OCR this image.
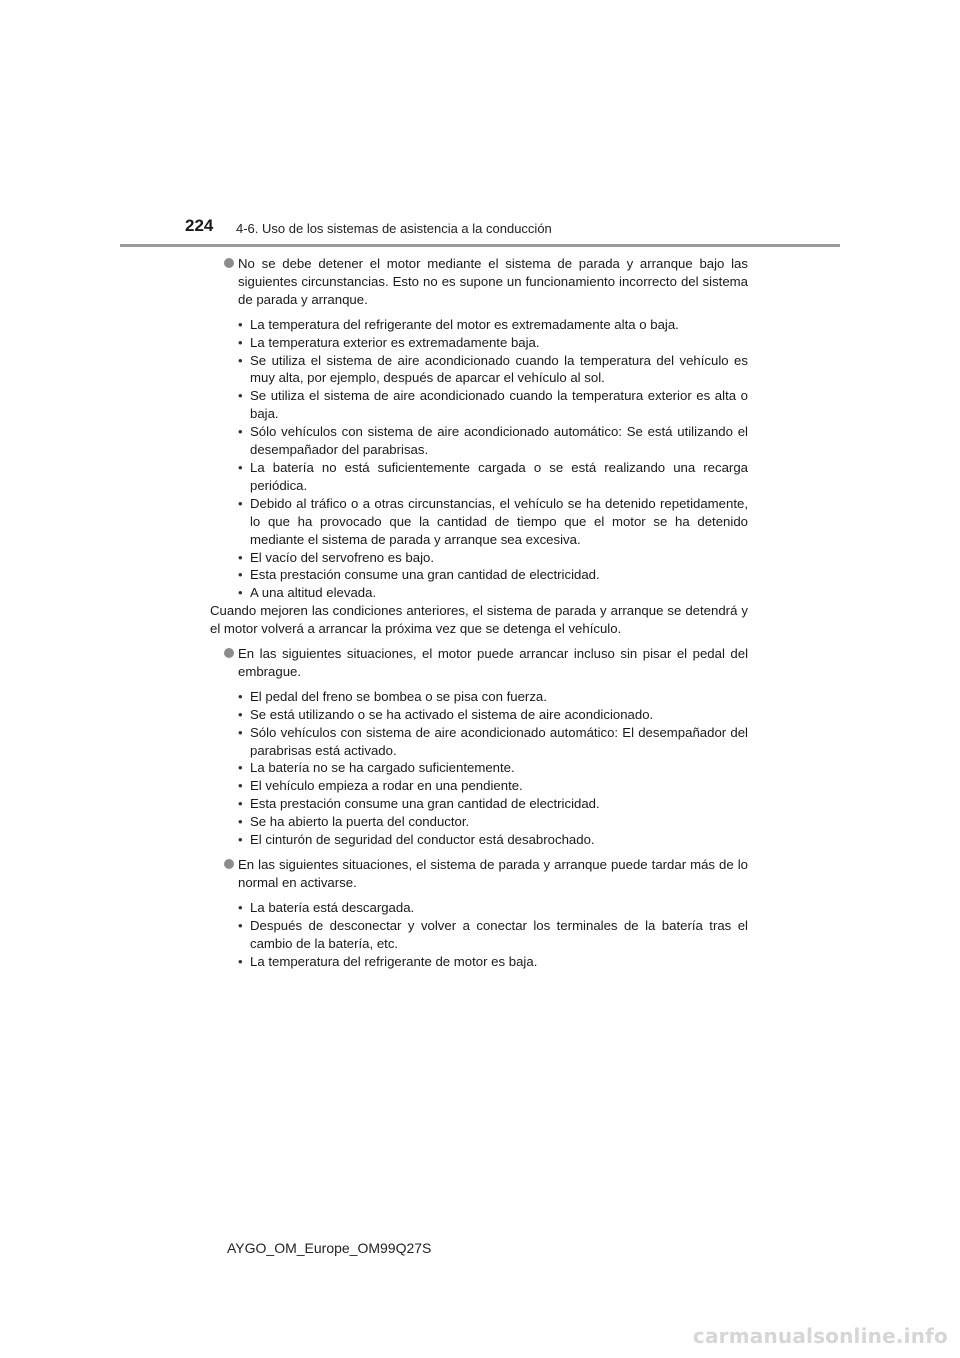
224 4-6. Uso de los sistemas de asistencia a la conducción

No se debe detener el motor mediante el sistema de parada y arranque bajo las siguientes circunstancias. Esto no es supone un funcionamiento incorrecto del sistema de parada y arranque.

• La temperatura del refrigerante del motor es extremadamente alta o baja.
• La temperatura exterior es extremadamente baja.
• Se utiliza el sistema de aire acondicionado cuando la temperatura del vehículo es muy alta, por ejemplo, después de aparcar el vehículo al sol.
• Se utiliza el sistema de aire acondicionado cuando la temperatura exterior es alta o baja.
• Sólo vehículos con sistema de aire acondicionado automático: Se está utilizando el desempañador del parabrisas.
• La batería no está suficientemente cargada o se está realizando una recarga periódica.
• Debido al tráfico o a otras circunstancias, el vehículo se ha detenido repetidamente, lo que ha provocado que la cantidad de tiempo que el motor se ha detenido mediante el sistema de parada y arranque sea excesiva.
• El vacío del servofreno es bajo.
• Esta prestación consume una gran cantidad de electricidad.
• A una altitud elevada.

Cuando mejoren las condiciones anteriores, el sistema de parada y arranque se detendrá y el motor volverá a arrancar la próxima vez que se detenga el vehículo.

En las siguientes situaciones, el motor puede arrancar incluso sin pisar el pedal del embrague.

• El pedal del freno se bombea o se pisa con fuerza.
• Se está utilizando o se ha activado el sistema de aire acondicionado.
• Sólo vehículos con sistema de aire acondicionado automático: El desempañador del parabrisas está activado.
• La batería no se ha cargado suficientemente.
• El vehículo empieza a rodar en una pendiente.
• Esta prestación consume una gran cantidad de electricidad.
• Se ha abierto la puerta del conductor.
• El cinturón de seguridad del conductor está desabrochado.

En las siguientes situaciones, el sistema de parada y arranque puede tardar más de lo normal en activarse.

• La batería está descargada.
• Después de desconectar y volver a conectar los terminales de la batería tras el cambio de la batería, etc.
• La temperatura del refrigerante de motor es baja.
AYGO_OM_Europe_OM99Q27S
carmanualsonline.info
